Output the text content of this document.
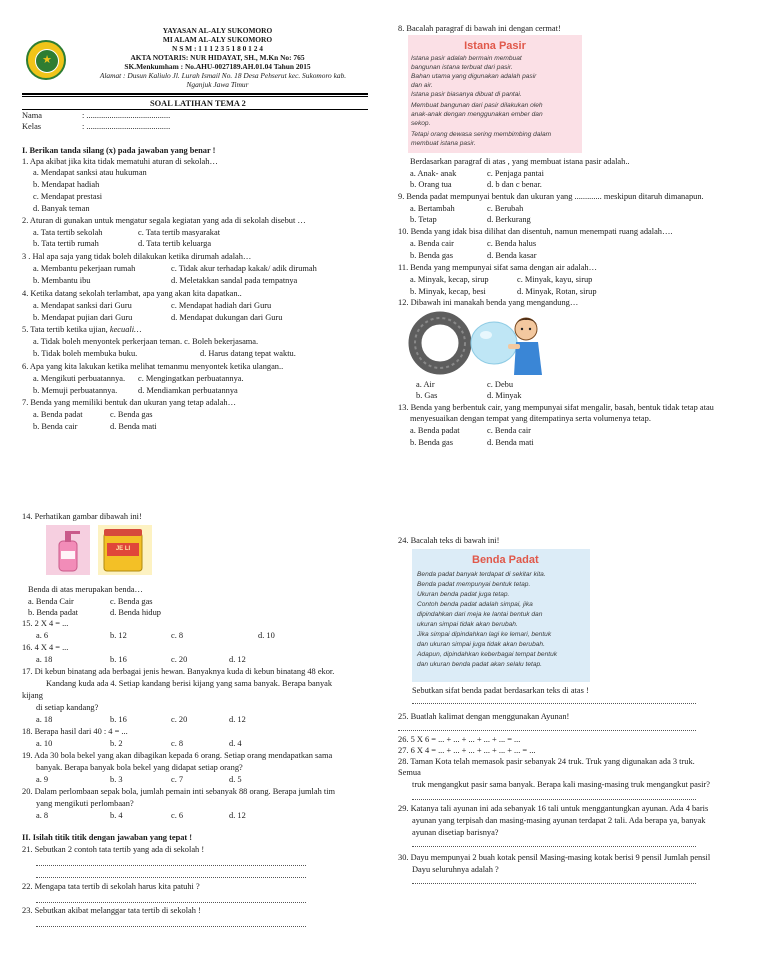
★
YAYASAN AL-ALY SUKOMORO
MI ALAM AL-ALY SUKOMORO
N S M : 1 1 1 2 3 5 1 8 0 1 2 4
AKTA NOTARIS: NUR HIDAYAT, SH., M.Kn No: 765
SK.Menkumham : No.AHU-0027189.AH.01.04 Tahun 2015
Alamat : Dusun Kaliulo Jl. Lurah Ismail No. 18 Desa Pehserut kec. Sukomoro kab.
Nganjuk Jawa Timur
SOAL LATIHAN TEMA 2
Nama	: ........................................
Kelas	: ........................................
I. Berikan tanda silang (x) pada jawaban yang benar !
1. Apa akibat jika kita tidak mematuhi aturan di sekolah…
a. Mendapat sanksi atau hukuman
b. Mendapat hadiah
c. Mendapat prestasi
d. Banyak teman
2. Aturan di gunakan untuk mengatur segala kegiatan yang ada di sekolah disebut …
a. Tata tertib sekolah	c. Tata tertib masyarakat
b. Tata tertib rumah	d. Tata tertib keluarga
3 . Hal apa saja yang tidak boleh dilakukan ketika dirumah adalah…
a. Membantu pekerjaan rumah	c. Tidak akur terhadap kakak/ adik dirumah
b. Membantu ibu	d. Meletakkan sandal pada tempatnya
4. Ketika datang sekolah terlambat, apa yang akan kita dapatkan..
a. Mendapat sanksi dari Guru	c. Mendapat hadiah dari Guru
b. Mendapat pujian dari Guru	d. Mendapat dukungan dari Guru
5. Tata tertib ketika ujian, kecuali…
a. Tidak boleh menyontek perkerjaan teman. c. Boleh bekerjasama.
b. Tidak boleh membuka buku.	d. Harus datang tepat waktu.
6. Apa yang kita lakukan ketika melihat temanmu menyontek ketika ulangan..
a. Mengikuti perbuatannya. c. Mengingatkan perbuatannya.
b. Memuji perbuatannya. d. Mendiamkan perbuatannya
7. Benda yang memiliki bentuk dan ukuran yang tetap adalah…
a. Benda padat	c. Benda gas
b. Benda cair	d. Benda mati
8. Bacalah paragraf di bawah ini dengan cermat!
Istana Pasir
Istana pasir adalah bermain membuat
bangunan istana terbuat dari pasir.
Bahan utama yang digunakan adalah pasir
dan air.
Istana pasir biasanya dibuat di pantai.
Membuat bangunan dari pasir dilakukan oleh
anak-anak dengan menggunakan ember dan
sekop.
Tetapi orang dewasa sering membimbing dalam
membuat istana pasir.
Berdasarkan paragraf di atas , yang membuat istana pasir adalah..
a. Anak- anak	c. Penjaga pantai
b. Orang tua	d. b dan c benar.
9. Benda padat mempunyai bentuk dan ukuran yang ............. meskipun ditaruh dimanapun.
a. Bertambah	c. Berubah
b. Tetap	d. Berkurang
10. Benda yang idak bisa dilihat dan disentuh, namun menempati ruang adalah….
a. Benda cair	c. Benda halus
b. Benda gas	d. Benda kasar
11. Benda yang mempunyai sifat sama dengan air adalah…
a. Minyak, kecap, sirup	c. Minyak, kayu, sirup
b. Minyak, kecap, besi	d. Minyak, Rotan, sirup
12. Dibawah ini manakah benda yang mengandung…
a. Air	c. Debu
b. Gas	d. Minyak
13. Benda yang berbentuk cair, yang mempunyai sifat mengalir, basah, bentuk tidak tetap atau
menyesuaikan dengan tempat yang ditempatinya serta volumenya tetap.
a. Benda padat	c. Benda cair
b. Benda gas	d. Benda mati
14. Perhatikan gambar dibawah ini!
JE LI
Benda di atas merupakan benda…
a. Benda Cair	c. Benda gas
b. Benda padat	d. Benda hidup
15. 2 X 4 = ...
a. 6	b. 12	c. 8	d. 10
16. 4 X 4 = ...
a. 18	b. 16	c. 20	d. 12
17. Di kebun binatang ada berbagai jenis hewan. Banyaknya kuda di kebun binatang 48 ekor.
Kandang kuda ada 4. Setiap kandang berisi kijang yang sama banyak. Berapa banyak
kijang
di setiap kandang?
a. 18	b. 16	c. 20	d. 12
18. Berapa hasil dari 40 : 4 = ...
a. 10	b. 2	c. 8	d. 4
19. Ada 30 bola bekel yang akan dibagikan kepada 6 orang. Setiap orang mendapatkan sama
banyak. Berapa banyak bola bekel yang didapat setiap orang?
a. 9	b. 3	c. 7	d. 5
20. Dalam perlombaan sepak bola, jumlah pemain inti sebanyak 88 orang. Berapa jumlah tim
yang mengikuti perlombaan?
a. 8	b. 4	c. 6	d. 12
II. Isilah titik titik dengan jawaban yang tepat !
21. Sebutkan 2 contoh tata tertib yang ada di sekolah !
22. Mengapa tata tertib di sekolah harus kita patuhi ?
23. Sebutkan akibat melanggar tata tertib di sekolah !
24. Bacalah teks di bawah ini!
Benda Padat
Benda padat banyak terdapat di sekitar kita.
Benda padat mempunyai bentuk tetap.
Ukuran benda padat juga tetap.
Contoh benda padat adalah simpai, jika
dipindahkan dari meja ke lantai bentuk dan
ukuran simpai tidak akan berubah.
Jika simpai dipindahkan lagi ke lemari, bentuk
dan ukuran simpai juga tidak akan berubah.
Adapun, dipindahkan keberbagai tempat bentuk
dan ukuran benda padat akan selalu tetap.
Sebutkan sifat benda padat berdasarkan teks di atas !
25. Buatlah kalimat dengan menggunakan Ayunan!
26. 5 X 6 = ... + ... + ... + ... + ... = ...
27. 6 X 4 = ... + ... + ... + ... + ... + ... = ...
28. Taman Kota telah memasok pasir sebanyak 24 truk. Truk yang digunakan ada 3 truk.
Semua
truk mengangkut pasir sama banyak. Berapa kali masing-masing truk mengangkut pasir?
29. Katanya tali ayunan ini ada sebanyak 16 tali untuk menggantungkan ayunan. Ada 4 baris
ayunan yang terpisah dan masing-masing ayunan terdapat 2 tali. Ada berapa ya, banyak
ayunan disetiap barisnya?
30. Dayu mempunyai 2 buah kotak pensil Masing-masing kotak berisi 9 pensil Jumlah pensil
Dayu seluruhnya adalah ?
